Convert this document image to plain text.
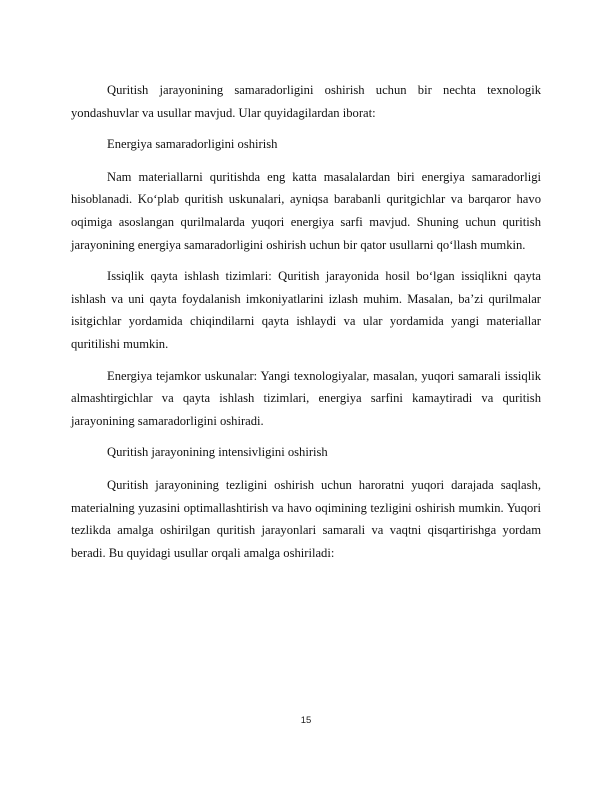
Quritish jarayonining samaradorligini oshirish uchun bir nechta texnologik yondashuvlar va usullar mavjud. Ular quyidagilardan iborat:

Energiya samaradorligini oshirish

Nam materiallarni quritishda eng katta masalalardan biri energiya samaradorligi hisoblanadi. Ko‘plab quritish uskunalari, ayniqsa barabanli quritgichlar va barqaror havo oqimiga asoslangan qurilmalarda yuqori energiya sarfi mavjud. Shuning uchun quritish jarayonining energiya samaradorligini oshirish uchun bir qator usullarni qo‘llash mumkin.

Issiqlik qayta ishlash tizimlari: Quritish jarayonida hosil bo‘lgan issiqlikni qayta ishlash va uni qayta foydalanish imkoniyatlarini izlash muhim. Masalan, ba’zi qurilmalar isitgichlar yordamida chiqindilarni qayta ishlaydi va ular yordamida yangi materiallar quritilishi mumkin.

Energiya tejamkor uskunalar: Yangi texnologiyalar, masalan, yuqori samarali issiqlik almashtirgichlar va qayta ishlash tizimlari, energiya sarfini kamaytiradi va quritish jarayonining samaradorligini oshiradi.

Quritish jarayonining intensivligini oshirish

Quritish jarayonining tezligini oshirish uchun haroratni yuqori darajada saqlash, materialning yuzasini optimallashtirish va havo oqimining tezligini oshirish mumkin. Yuqori tezlikda amalga oshirilgan quritish jarayonlari samarali va vaqtni qisqartirishga yordam beradi. Bu quyidagi usullar orqali amalga oshiriladi:

15
